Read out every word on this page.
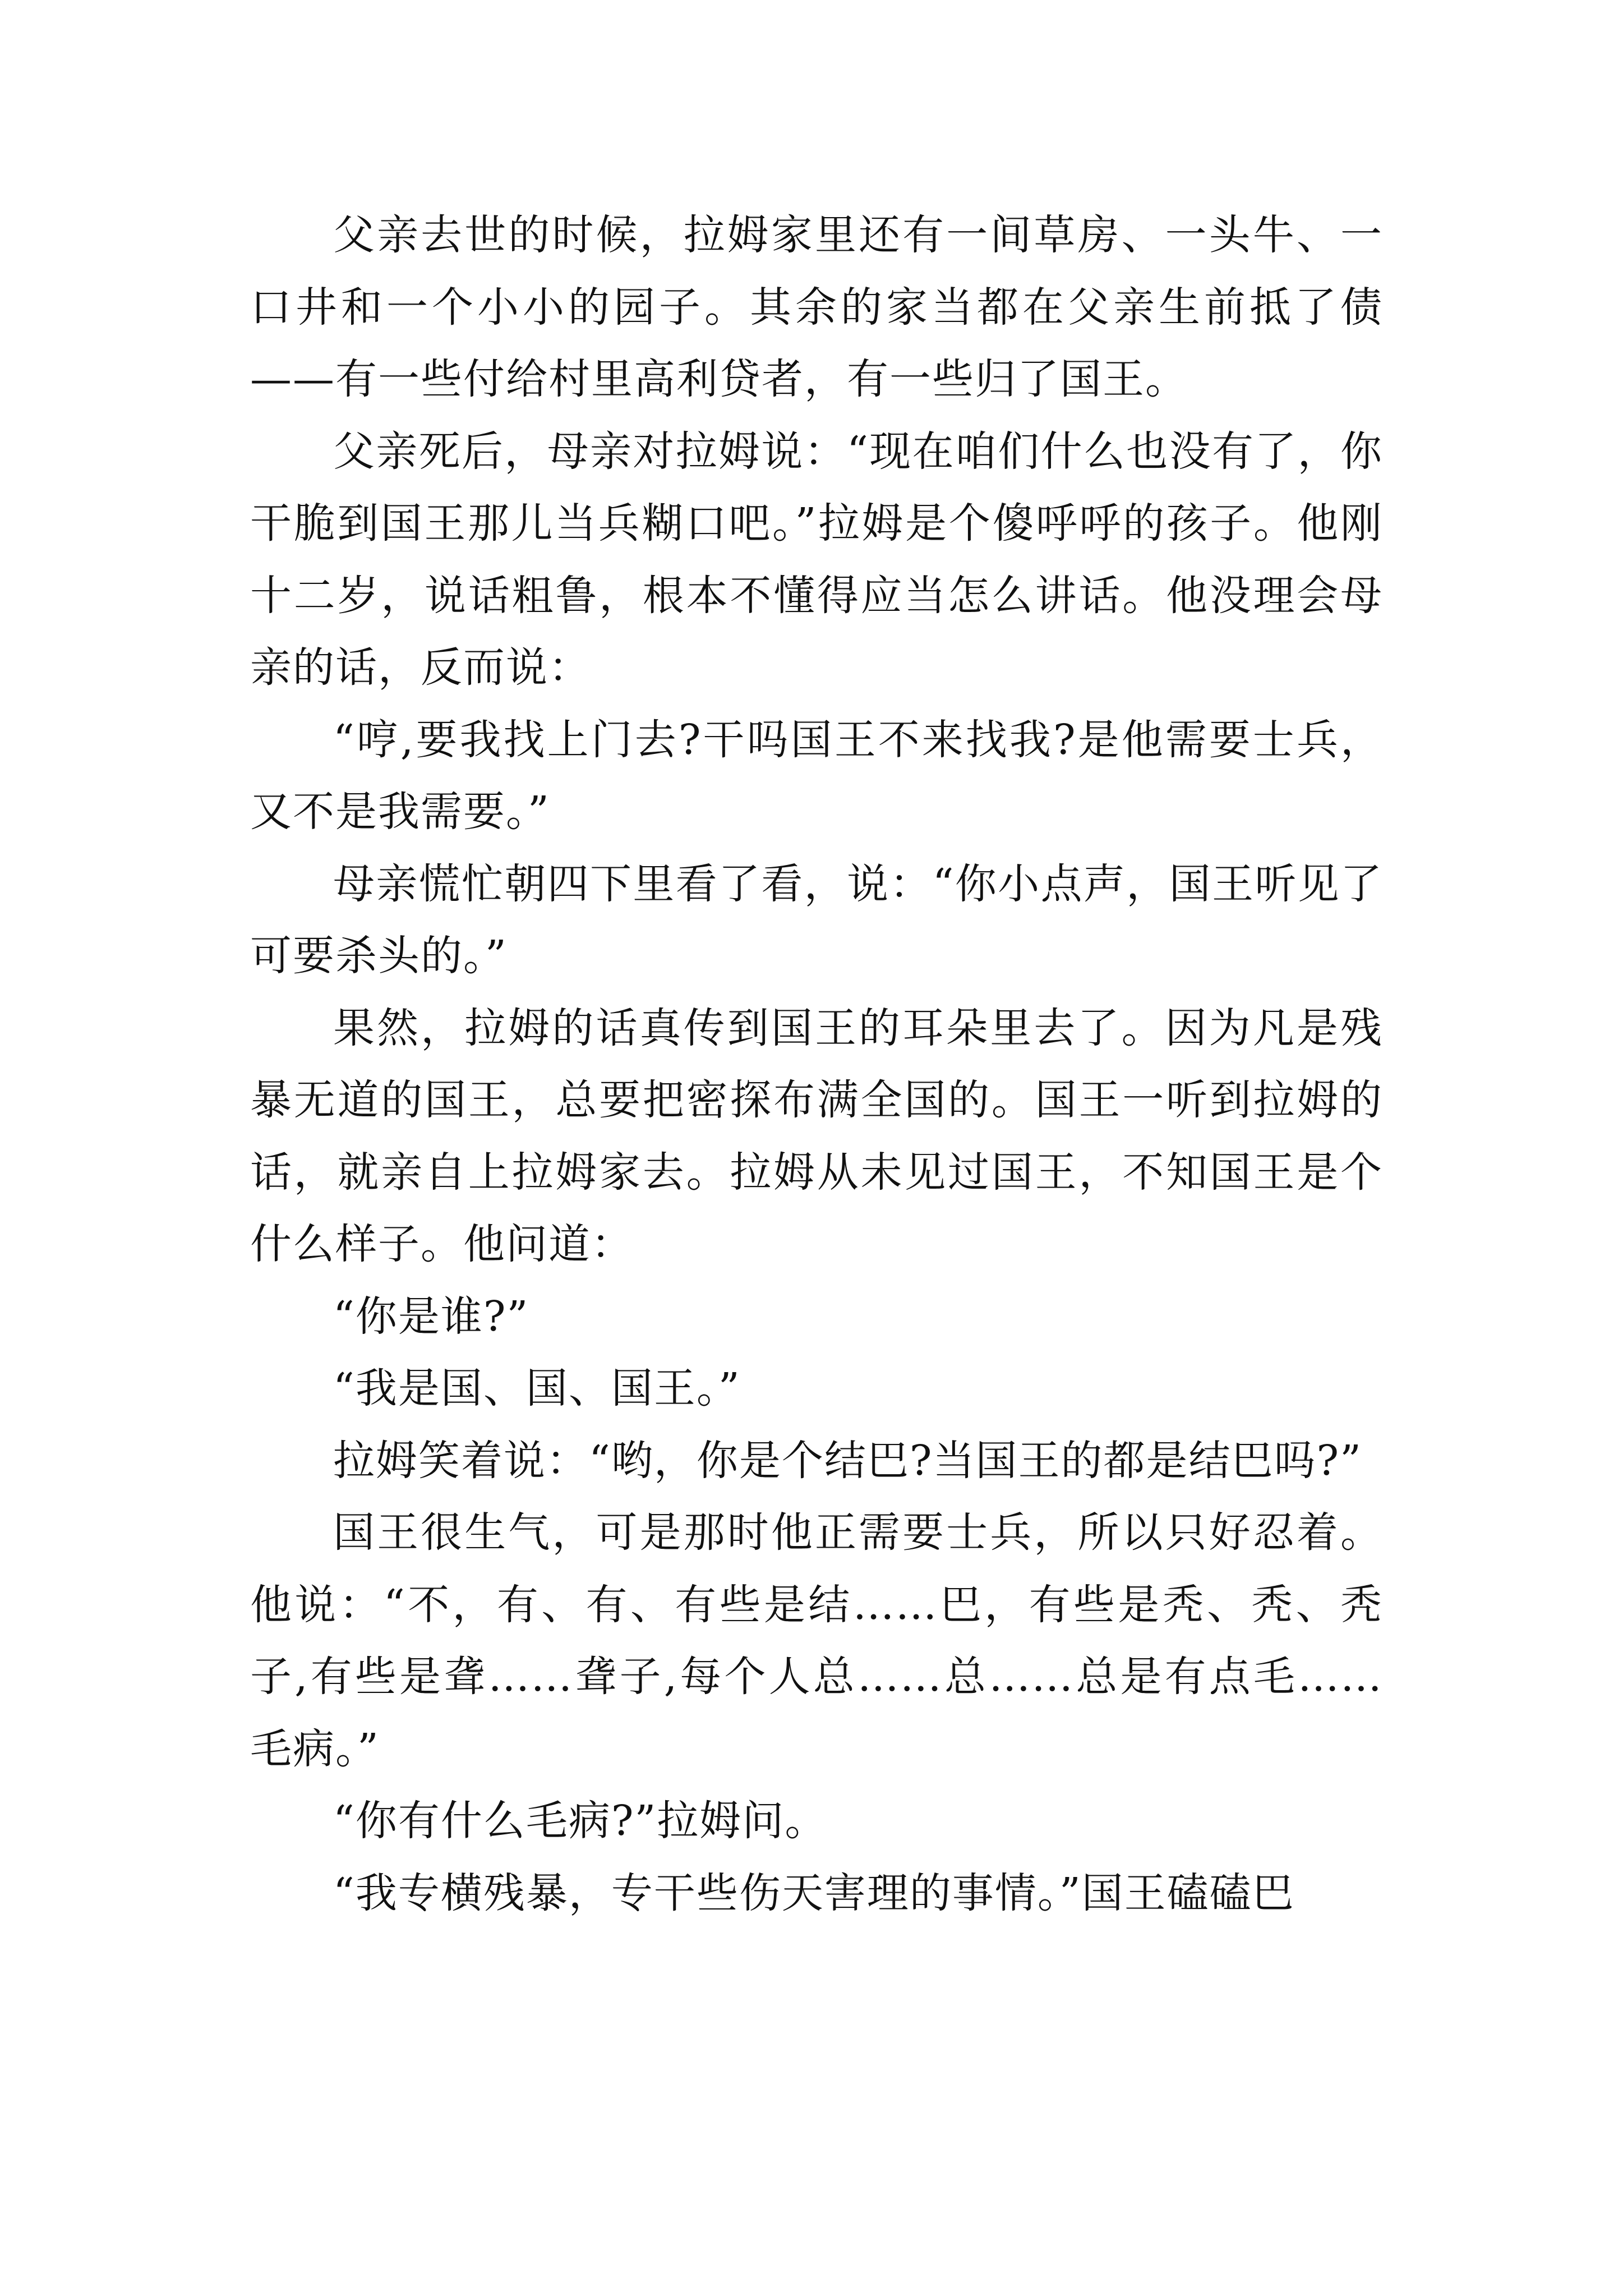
父亲去世的时候，拉姆家里还有一间草房、一头牛、一口井和一个小小的园子。其余的家当都在父亲生前抵了债——有一些付给村里高利贷者，有一些归了国王。

父亲死后，母亲对拉姆说：“现在咱们什么也没有了，你干脆到国王那儿当兵糊口吧。”拉姆是个傻呼呼的孩子。他刚十二岁，说话粗鲁，根本不懂得应当怎么讲话。他没理会母亲的话，反而说：

“哼,要我找上门去?干吗国王不来找我?是他需要士兵，又不是我需要。”

母亲慌忙朝四下里看了看，说：“你小点声，国王听见了可要杀头的。”

果然，拉姆的话真传到国王的耳朵里去了。因为凡是残暴无道的国王，总要把密探布满全国的。国王一听到拉姆的话，就亲自上拉姆家去。拉姆从未见过国王，不知国王是个什么样子。他问道：

“你是谁?”

“我是国、国、国王。”

拉姆笑着说：“哟，你是个结巴?当国王的都是结巴吗?”

国王很生气，可是那时他正需要士兵，所以只好忍着。他说：“不，有、有、有些是结……巴，有些是秃、秃、秃子,有些是聋……聋子,每个人总……总……总是有点毛……毛病。”

“你有什么毛病?”拉姆问。

“我专横残暴，专干些伤天害理的事情。”国王磕磕巴
